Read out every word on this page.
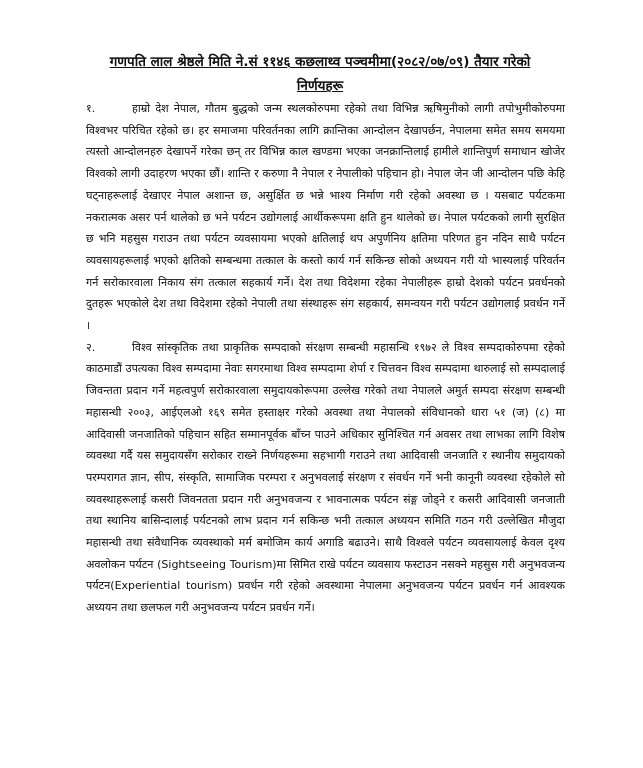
गणपति लाल श्रेष्ठले मिति ने.सं ११४६ कछलाथ्व पञ्चमीमा(२०८२/०७/०९) तैयार गरेको
निर्णयहरू

१.	हाम्रो देश नेपाल, गौतम बुद्धको जन्म स्थलकोरुपमा रहेको तथा विभिन्न ऋषिमुनीको लागी तपोभुमीकोरुपमा विश्वभर परिचित रहेको छ। हर समाजमा परिवर्तनका लागि क्रान्तिका आन्दोलन देखापर्छन, नेपालमा समेत समय समयमा त्यस्तो आन्दोलनहरु देखापर्ने गरेका छन् तर विभिन्न काल खण्डमा भएका जनक्रान्तिलाई हामीले शान्तिपुर्ण समाधान खोजेर विश्वको लागी उदाहरण भएका छौं। शान्ति र करुणा नै नेपाल र नेपालीको पहिचान हो। नेपाल जेन जी आन्दोलन पछि केहि घट्नाहरूलाई देखाएर नेपाल अशान्त छ, असुर्क्षित छ भन्ने भाश्य निर्माण गरी रहेको अवस्था छ । यसबाट पर्यटकमा नकरात्मक असर पर्न थालेको छ भने पर्यटन उद्योगलाई आर्थीकरूपमा क्षति हुन थालेको छ। नेपाल पर्यटकको लागी सुरक्षित छ भनि महसुस गराउन तथा पर्यटन व्यवसायमा भएको क्षतिलाई थप अपुर्णनिय क्षतिमा परिणत हुन नदिन साथै पर्यटन व्यवसायहरूलाई भएको क्षतिको सम्बन्धमा तत्काल के कस्तो कार्य गर्न सकिन्छ सोको अध्ययन गरी यो भास्यलाई परिवर्तन गर्न सरोकारवाला निकाय संग तत्काल सहकार्य गर्ने। देश तथा विदेशमा रहेका नेपालीहरू हाम्रो देशको पर्यटन प्रवर्धनको दुतहरू भएकोले देश तथा विदेशमा रहेको नेपाली तथा संस्थाहरू संग सहकार्य, समन्वयन गरी पर्यटन उद्योगलाई प्रवर्धन गर्ने ।

२.	विश्व सांस्कृतिक तथा प्राकृतिक सम्पदाको संरक्षण सम्बन्धी महासन्धि १९७२ ले विश्व सम्पदाकोरुपमा रहेको काठमाडौं उपत्यका विश्व सम्पदामा नेवाः सगरमाथा विश्व सम्पदामा शेर्पा र चित्तवन विश्व सम्पदामा थारुलाई सो सम्पदालाई जिवन्तता प्रदान गर्ने महत्वपुर्ण सरोकारवाला समुदायकोरूपमा उल्लेख गरेको तथा नेपालले अमुर्त सम्पदा संरक्षण सम्बन्धी महासन्धी २००३, आईएलओ १६९ समेत हस्ताक्षर गरेको अवस्था तथा नेपालको संविधानको धारा ५१ (ज) (८) मा आदिवासी जनजातिको पहिचान सहित सम्मानपूर्वक बाँच्न पाउने अधिकार सुनिश्चित गर्न अवसर तथा लाभका लागि विशेष व्यवस्था गर्दै यस समुदायसँग सरोकार राख्ने निर्णयहरूमा सहभागी गराउने तथा आदिवासी जनजाति र स्थानीय समुदायको परम्परागत ज्ञान, सीप, संस्कृति, सामाजिक परम्परा र अनुभवलाई संरक्षण र संवर्धन गर्ने भनी कानूनी व्यवस्था रहेकोले सो व्यवस्थाहरूलाई कसरी जिवनतता प्रदान गरी अनुभवजन्य र भावनात्मक पर्यटन संङ्ग जोड्ने र कसरी आदिवासी जनजाती तथा स्थानिय बासिन्दालाई पर्यटनको लाभ प्रदान गर्न सकिन्छ भनी तत्काल अध्ययन समिति गठन गरी उल्लेखित मौजुदा महासन्धी तथा संवैधानिक व्यवस्थाको मर्म बमोजिम कार्य अगाडि बढाउने। साथै विश्वले पर्यटन व्यवसायलाई केवल दृश्य अवलोकन पर्यटन (Sightseeing Tourism)मा सिमित राखे पर्यटन व्यवसाय फस्टाउन नसक्ने महसुस गरी अनुभवजन्य पर्यटन(Experiential tourism) प्रवर्धन गरी रहेको अवस्थामा नेपालमा अनुभवजन्य पर्यटन प्रवर्धन गर्न आवश्यक अध्ययन तथा छलफल गरी अनुभवजन्य पर्यटन प्रवर्धन गर्ने।
